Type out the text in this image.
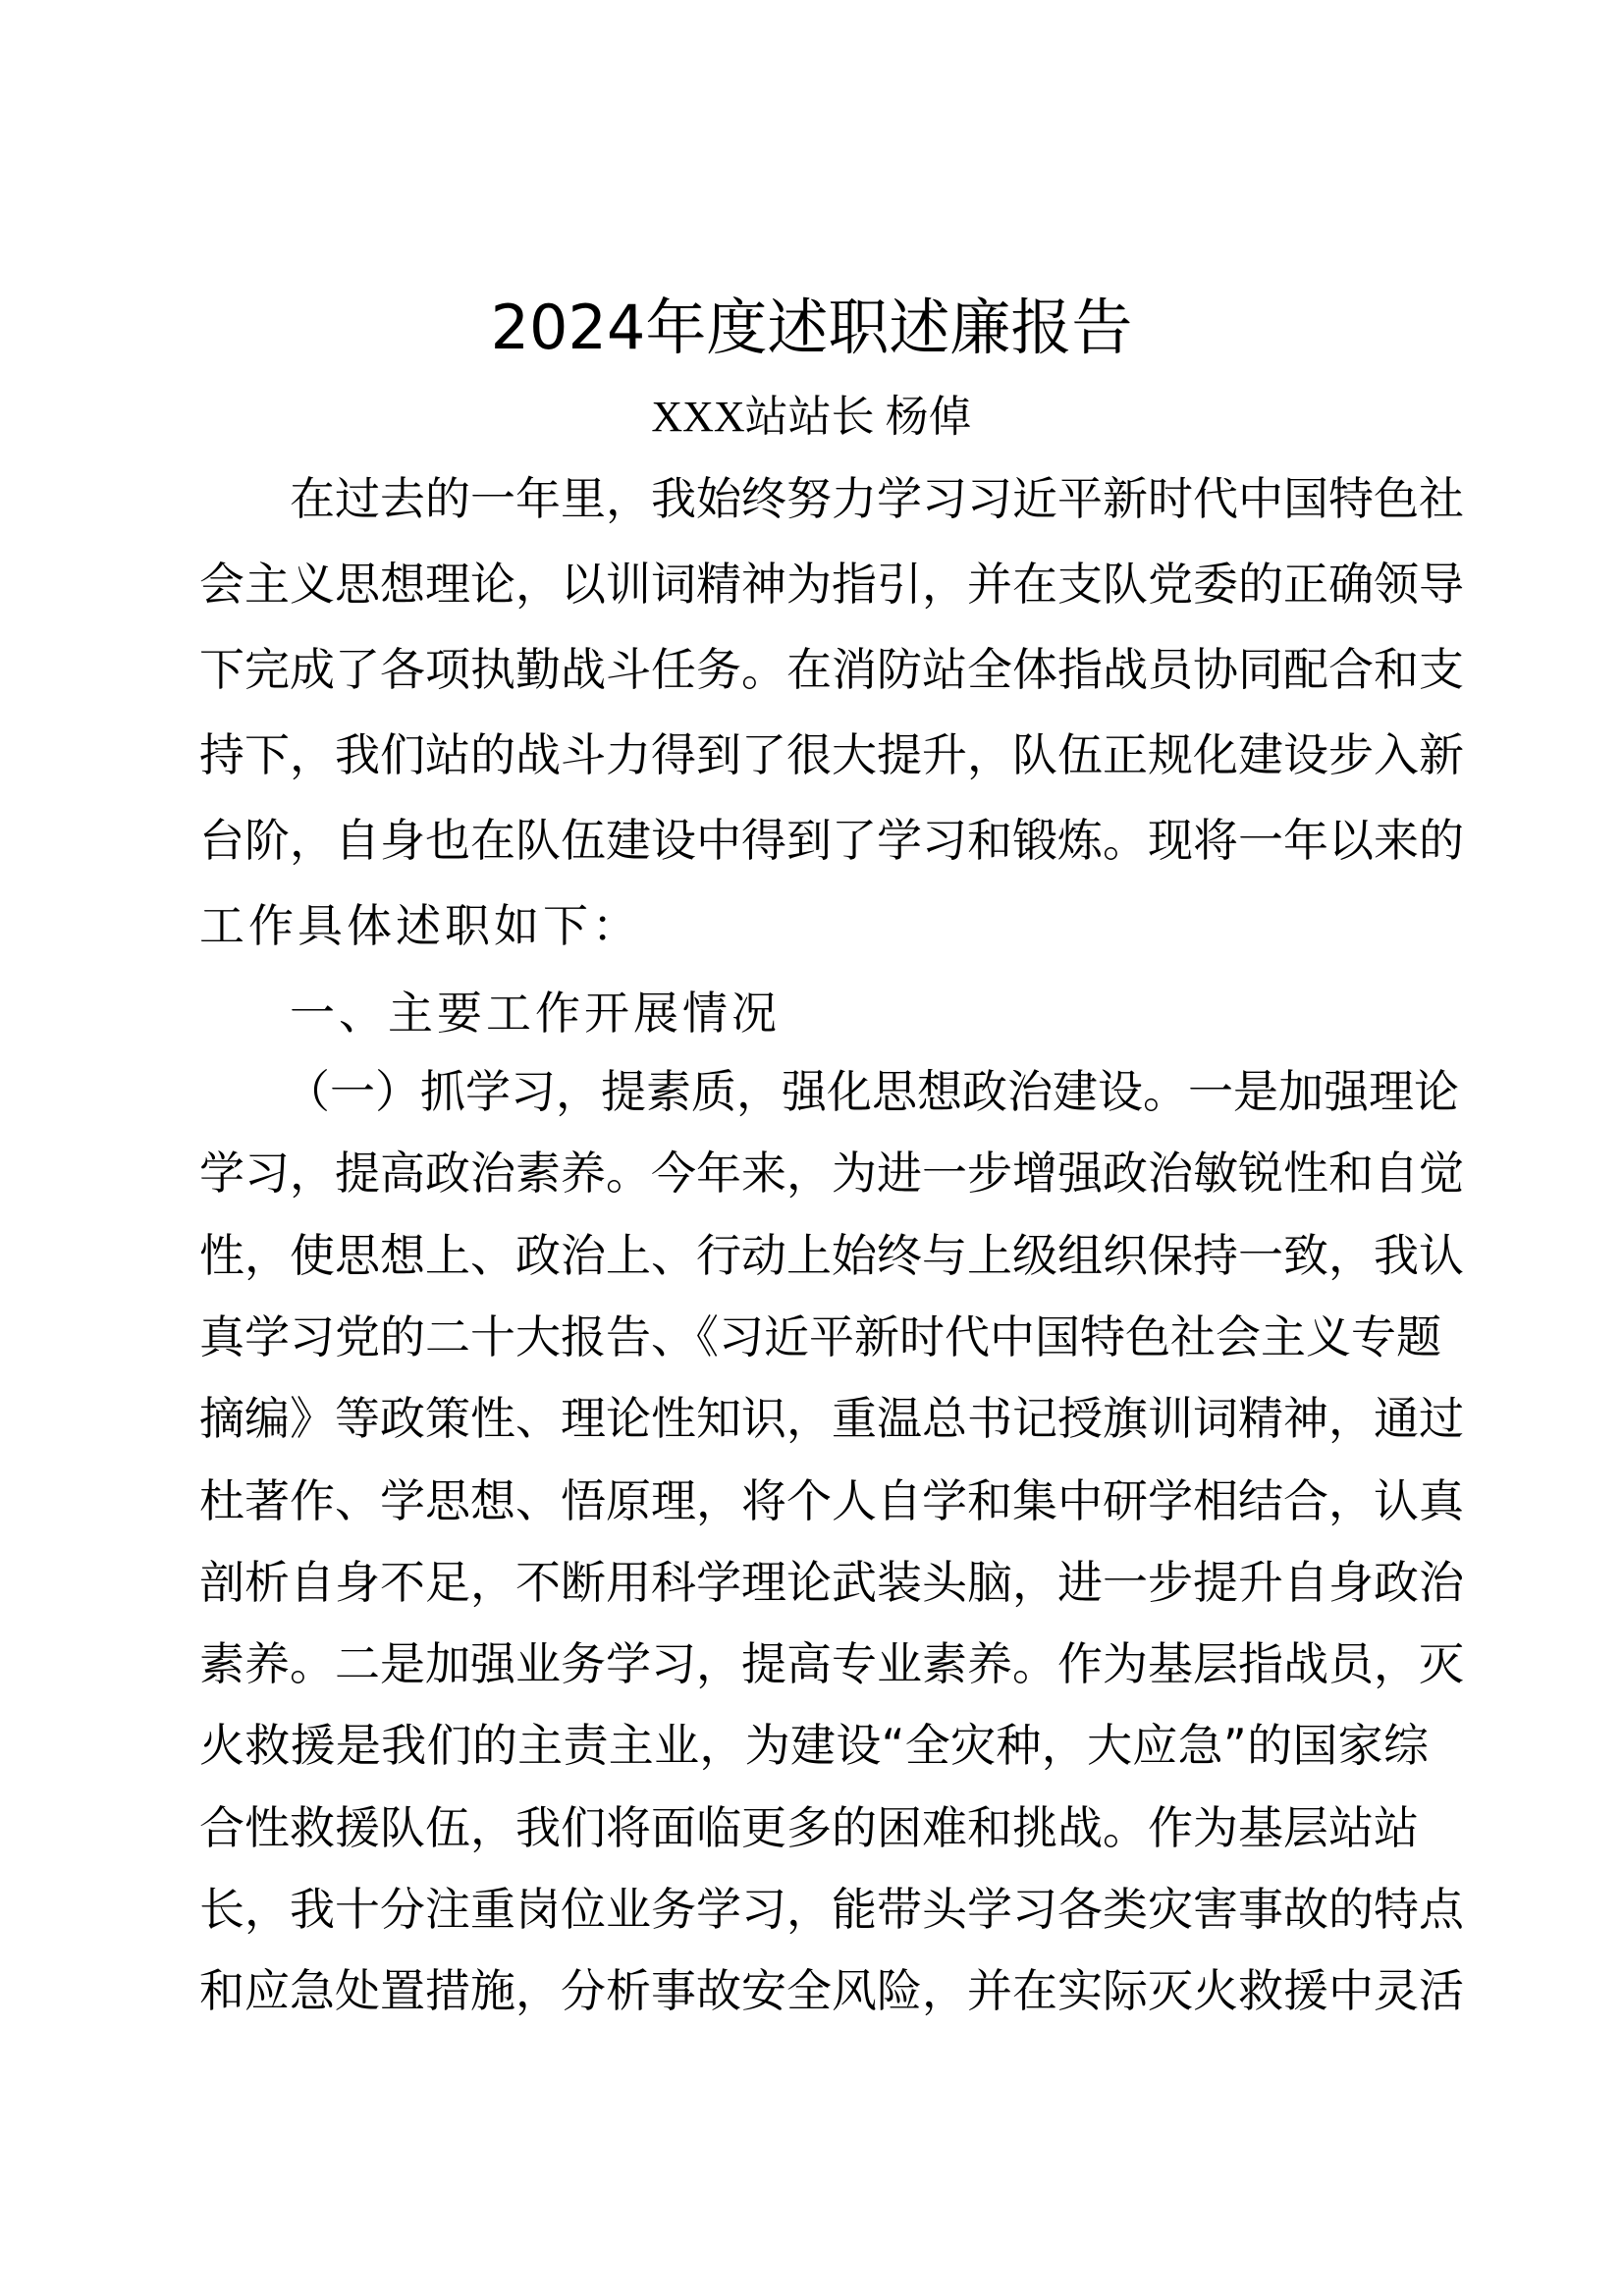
2024年度述职述廉报告
XXX站站长 杨倬
在过去的一年里，我始终努力学习习近平新时代中国特色社
会主义思想理论，以训词精神为指引，并在支队党委的正确领导
下完成了各项执勤战斗任务。在消防站全体指战员协同配合和支
持下，我们站的战斗力得到了很大提升，队伍正规化建设步入新
台阶，自身也在队伍建设中得到了学习和锻炼。现将一年以来的
工作具体述职如下：
一、主要工作开展情况
（一）抓学习，提素质，强化思想政治建设。一是加强理论
学习，提高政治素养。今年来，为进一步增强政治敏锐性和自觉
性，使思想上、政治上、行动上始终与上级组织保持一致，我认
真学习党的二十大报告、《习近平新时代中国特色社会主义专题
摘编》等政策性、理论性知识，重温总书记授旗训词精神，通过
杜著作、学思想、悟原理，将个人自学和集中研学相结合，认真
剖析自身不足，不断用科学理论武装头脑，进一步提升自身政治
素养。二是加强业务学习，提高专业素养。作为基层指战员，灭
火救援是我们的主责主业，为建设“全灾种，大应急”的国家综
合性救援队伍，我们将面临更多的困难和挑战。作为基层站站
长，我十分注重岗位业务学习，能带头学习各类灾害事故的特点
和应急处置措施，分析事故安全风险，并在实际灭火救援中灵活
